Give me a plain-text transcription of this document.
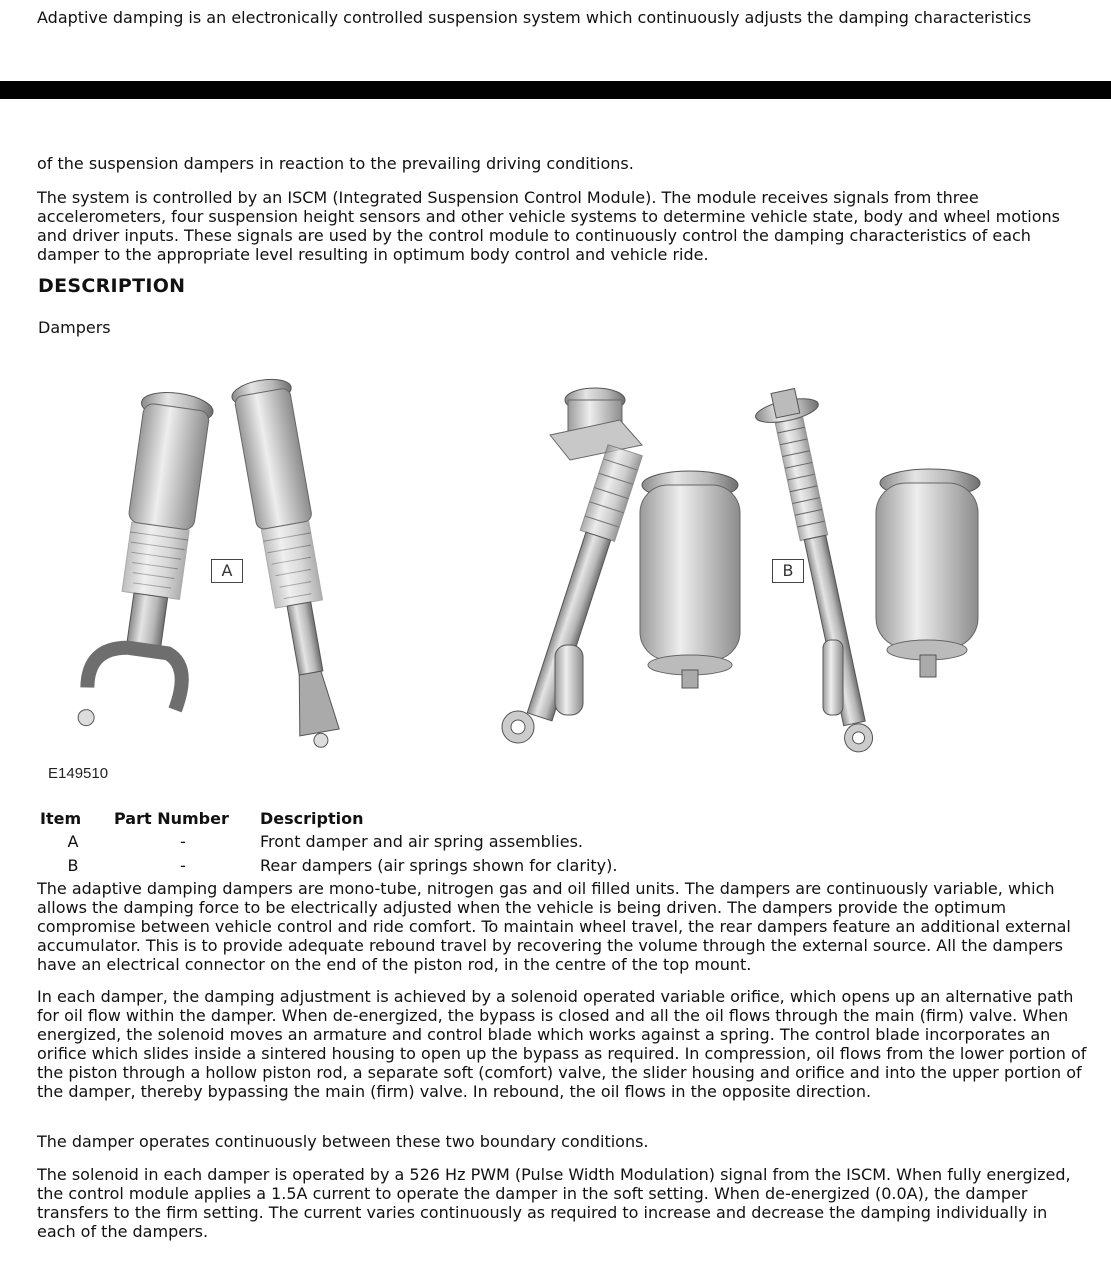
Adaptive damping is an electronically controlled suspension system which continuously adjusts the damping characteristics

of the suspension dampers in reaction to the prevailing driving conditions.

The system is controlled by an ISCM (Integrated Suspension Control Module). The module receives signals from three accelerometers, four suspension height sensors and other vehicle systems to determine vehicle state, body and wheel motions and driver inputs. These signals are used by the control module to continuously control the damping characteristics of each damper to the appropriate level resulting in optimum body control and vehicle ride.

DESCRIPTION

Dampers

A	B

E149510

Item	Part Number	Description
A	-	Front damper and air spring assemblies.
B	-	Rear dampers (air springs shown for clarity).

The adaptive damping dampers are mono-tube, nitrogen gas and oil filled units. The dampers are continuously variable, which allows the damping force to be electrically adjusted when the vehicle is being driven. The dampers provide the optimum compromise between vehicle control and ride comfort. To maintain wheel travel, the rear dampers feature an additional external accumulator. This is to provide adequate rebound travel by recovering the volume through the external source. All the dampers have an electrical connector on the end of the piston rod, in the centre of the top mount.

In each damper, the damping adjustment is achieved by a solenoid operated variable orifice, which opens up an alternative path for oil flow within the damper. When de-energized, the bypass is closed and all the oil flows through the main (firm) valve. When energized, the solenoid moves an armature and control blade which works against a spring. The control blade incorporates an orifice which slides inside a sintered housing to open up the bypass as required. In compression, oil flows from the lower portion of the piston through a hollow piston rod, a separate soft (comfort) valve, the slider housing and orifice and into the upper portion of the damper, thereby bypassing the main (firm) valve. In rebound, the oil flows in the opposite direction.

The damper operates continuously between these two boundary conditions.

The solenoid in each damper is operated by a 526 Hz PWM (Pulse Width Modulation) signal from the ISCM. When fully energized, the control module applies a 1.5A current to operate the damper in the soft setting. When de-energized (0.0A), the damper transfers to the firm setting. The current varies continuously as required to increase and decrease the damping individually in each of the dampers.
